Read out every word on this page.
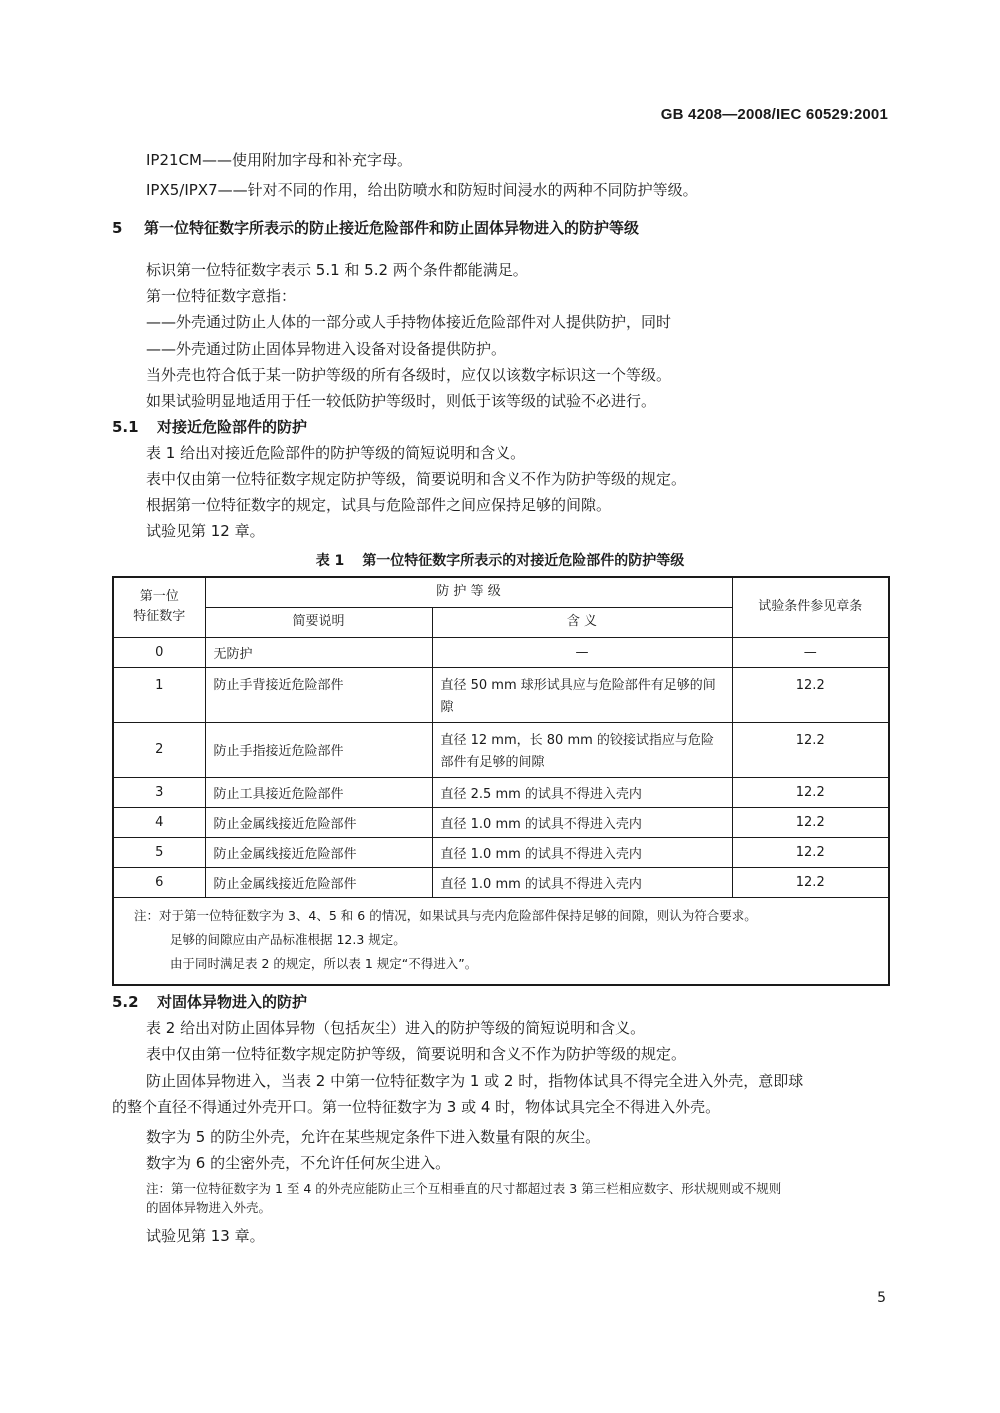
GB 4208—2008/IEC 60529:2001
IP21CM——使用附加字母和补充字母。
IPX5/IPX7——针对不同的作用，给出防喷水和防短时间浸水的两种不同防护等级。
5 第一位特征数字所表示的防止接近危险部件和防止固体异物进入的防护等级
标识第一位特征数字表示 5.1 和 5.2 两个条件都能满足。
第一位特征数字意指：
——外壳通过防止人体的一部分或人手持物体接近危险部件对人提供防护，同时
——外壳通过防止固体异物进入设备对设备提供防护。
当外壳也符合低于某一防护等级的所有各级时，应仅以该数字标识这一个等级。
如果试验明显地适用于任一较低防护等级时，则低于该等级的试验不必进行。
5.1 对接近危险部件的防护
表 1 给出对接近危险部件的防护等级的简短说明和含义。
表中仅由第一位特征数字规定防护等级，简要说明和含义不作为防护等级的规定。
根据第一位特征数字的规定，试具与危险部件之间应保持足够的间隙。
试验见第 12 章。
表 1 第一位特征数字所表示的对接近危险部件的防护等级
第一位
特征数字	防 护 等 级		试验条件参见章条
	简要说明	含 义	
0	无防护	—	—
1	防止手背接近危险部件	直径 50 mm 球形试具应与危险部件有足够的间隙	12.2
2	防止手指接近危险部件	直径 12 mm，长 80 mm 的铰接试指应与危险部件有足够的间隙	12.2
3	防止工具接近危险部件	直径 2.5 mm 的试具不得进入壳内	12.2
4	防止金属线接近危险部件	直径 1.0 mm 的试具不得进入壳内	12.2
5	防止金属线接近危险部件	直径 1.0 mm 的试具不得进入壳内	12.2
6	防止金属线接近危险部件	直径 1.0 mm 的试具不得进入壳内	12.2

注：对于第一位特征数字为 3、4、5 和 6 的情况，如果试具与壳内危险部件保持足够的间隙，则认为符合要求。
足够的间隙应由产品标准根据 12.3 规定。
由于同时满足表 2 的规定，所以表 1 规定“不得进入”。			
5.2 对固体异物进入的防护
表 2 给出对防止固体异物（包括灰尘）进入的防护等级的简短说明和含义。
表中仅由第一位特征数字规定防护等级，简要说明和含义不作为防护等级的规定。
防止固体异物进入，当表 2 中第一位特征数字为 1 或 2 时，指物体试具不得完全进入外壳，意即球
的整个直径不得通过外壳开口。第一位特征数字为 3 或 4 时，物体试具完全不得进入外壳。
数字为 5 的防尘外壳，允许在某些规定条件下进入数量有限的灰尘。
数字为 6 的尘密外壳，不允许任何灰尘进入。
注：第一位特征数字为 1 至 4 的外壳应能防止三个互相垂直的尺寸都超过表 3 第三栏相应数字、形状规则或不规则
的固体异物进入外壳。
试验见第 13 章。
5
